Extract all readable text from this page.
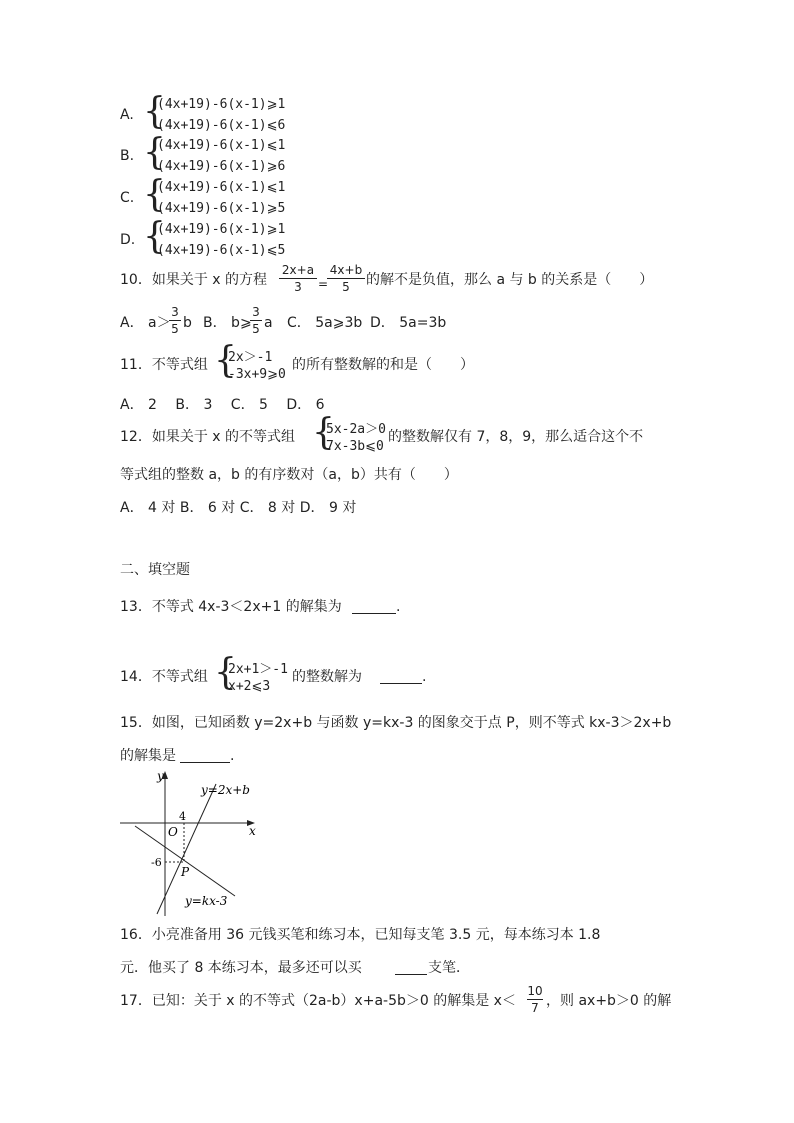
A. {
(4x+19)-6(x-1)⩾1
(4x+19)-6(x-1)⩽6
B. {
(4x+19)-6(x-1)⩽1
(4x+19)-6(x-1)⩾6
C. {
(4x+19)-6(x-1)⩽1
(4x+19)-6(x-1)⩾5
D. {
(4x+19)-6(x-1)⩾1
(4x+19)-6(x-1)⩽5
10．如果关于 x 的方程
2x+a
3	=
4x+b
5	的解不是负值，那么 a 与 b 的关系是（　　）
A． a＞
3
5 b B． b⩾
3
5 a C． 5a⩾3b D． 5a=3b
11．不等式组 {
2x＞-1
-3x+9⩾0
的所有整数解的和是（　　）
A． 2　 B． 3　 C． 5　 D． 6
12．如果关于 x 的不等式组 {
5x-2a＞0
7x-3b⩽0
的整数解仅有 7，8，9，那么适合这个不
等式组的整数 a，b 的有序数对（a，b）共有（　　）
A． 4 对 B． 6 对 C． 8 对 D． 9 对
二、填空题
13．不等式 4x-3＜2x+1 的解集为	.
14．不等式组 {
2x+1＞-1
x+2⩽3
的整数解为	.
15．如图，已知函数 y=2x+b 与函数 y=kx-3 的图象交于点 P，则不等式 kx-3＞2x+b
的解集是	.
y
x
O
4
-6
P
y=2x+b
y=kx-3
16．小亮准备用 36 元钱买笔和练习本，已知每支笔 3.5 元，每本练习本 1.8
元．他买了 8 本练习本，最多还可以买	支笔．
17．已知：关于 x 的不等式（2a-b）x+a-5b＞0 的解集是 x＜
10
7 ，则 ax+b＞0 的解
